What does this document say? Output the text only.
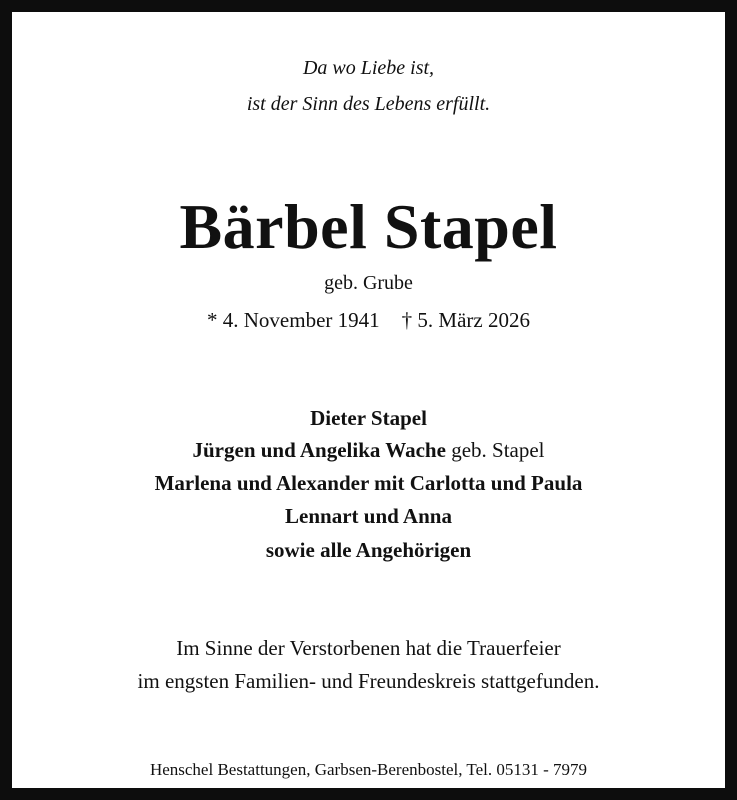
Da wo Liebe ist,
ist der Sinn des Lebens erfüllt.
Bärbel Stapel
geb. Grube
* 4. November 1941 † 5. März 2026
Dieter Stapel
Jürgen und Angelika Wache geb. Stapel
Marlena und Alexander mit Carlotta und Paula
Lennart und Anna
sowie alle Angehörigen
Im Sinne der Verstorbenen hat die Trauerfeier
im engsten Familien- und Freundeskreis stattgefunden.
Henschel Bestattungen, Garbsen-Berenbostel, Tel. 05131 - 7979
